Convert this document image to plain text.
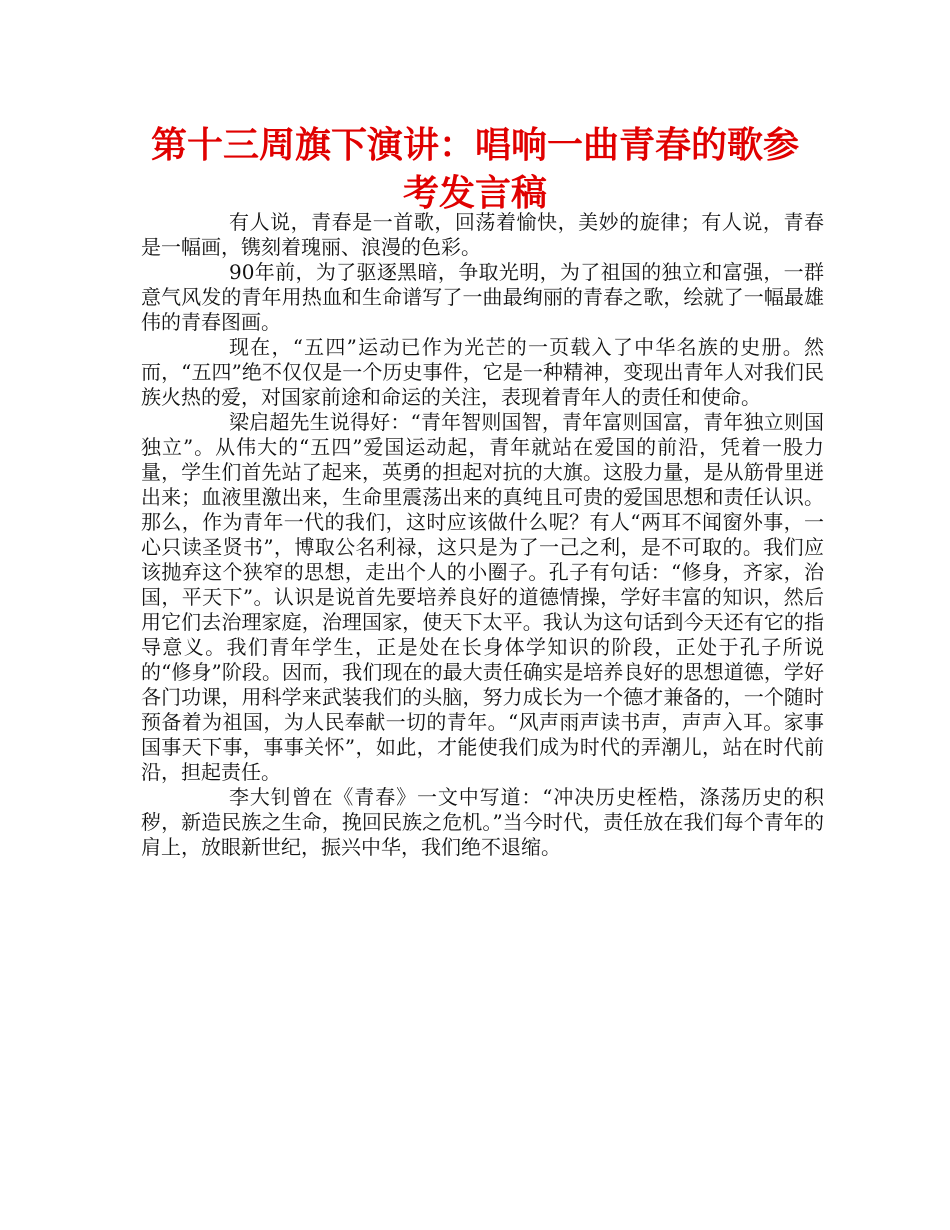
第十三周旗下演讲：唱响一曲青春的歌参考发言稿

有人说，青春是一首歌，回荡着愉快，美妙的旋律；有人说，青春是一幅画，镌刻着瑰丽、浪漫的色彩。

90年前，为了驱逐黑暗，争取光明，为了祖国的独立和富强，一群意气风发的青年用热血和生命谱写了一曲最绚丽的青春之歌，绘就了一幅最雄伟的青春图画。

现在，“五四”运动已作为光芒的一页载入了中华名族的史册。然而，“五四”绝不仅仅是一个历史事件，它是一种精神，变现出青年人对我们民族火热的爱，对国家前途和命运的关注，表现着青年人的责任和使命。

梁启超先生说得好：“青年智则国智，青年富则国富，青年独立则国独立”。从伟大的“五四”爱国运动起，青年就站在爱国的前沿，凭着一股力量，学生们首先站了起来，英勇的担起对抗的大旗。这股力量，是从筋骨里迸出来；血液里激出来，生命里震荡出来的真纯且可贵的爱国思想和责任认识。那么，作为青年一代的我们，这时应该做什么呢？有人“两耳不闻窗外事，一心只读圣贤书”，博取公名利禄，这只是为了一己之利，是不可取的。我们应该抛弃这个狭窄的思想，走出个人的小圈子。孔子有句话：“修身，齐家，治国，平天下”。认识是说首先要培养良好的道德情操，学好丰富的知识，然后用它们去治理家庭，治理国家，使天下太平。我认为这句话到今天还有它的指导意义。我们青年学生，正是处在长身体学知识的阶段，正处于孔子所说的“修身”阶段。因而，我们现在的最大责任确实是培养良好的思想道德，学好各门功课，用科学来武装我们的头脑，努力成长为一个德才兼备的，一个随时预备着为祖国，为人民奉献一切的青年。“风声雨声读书声，声声入耳。家事国事天下事，事事关怀”，如此，才能使我们成为时代的弄潮儿，站在时代前沿，担起责任。

李大钊曾在《青春》一文中写道：“冲决历史桎梏，涤荡历史的积秽，新造民族之生命，挽回民族之危机。”当今时代，责任放在我们每个青年的肩上，放眼新世纪，振兴中华，我们绝不退缩。
